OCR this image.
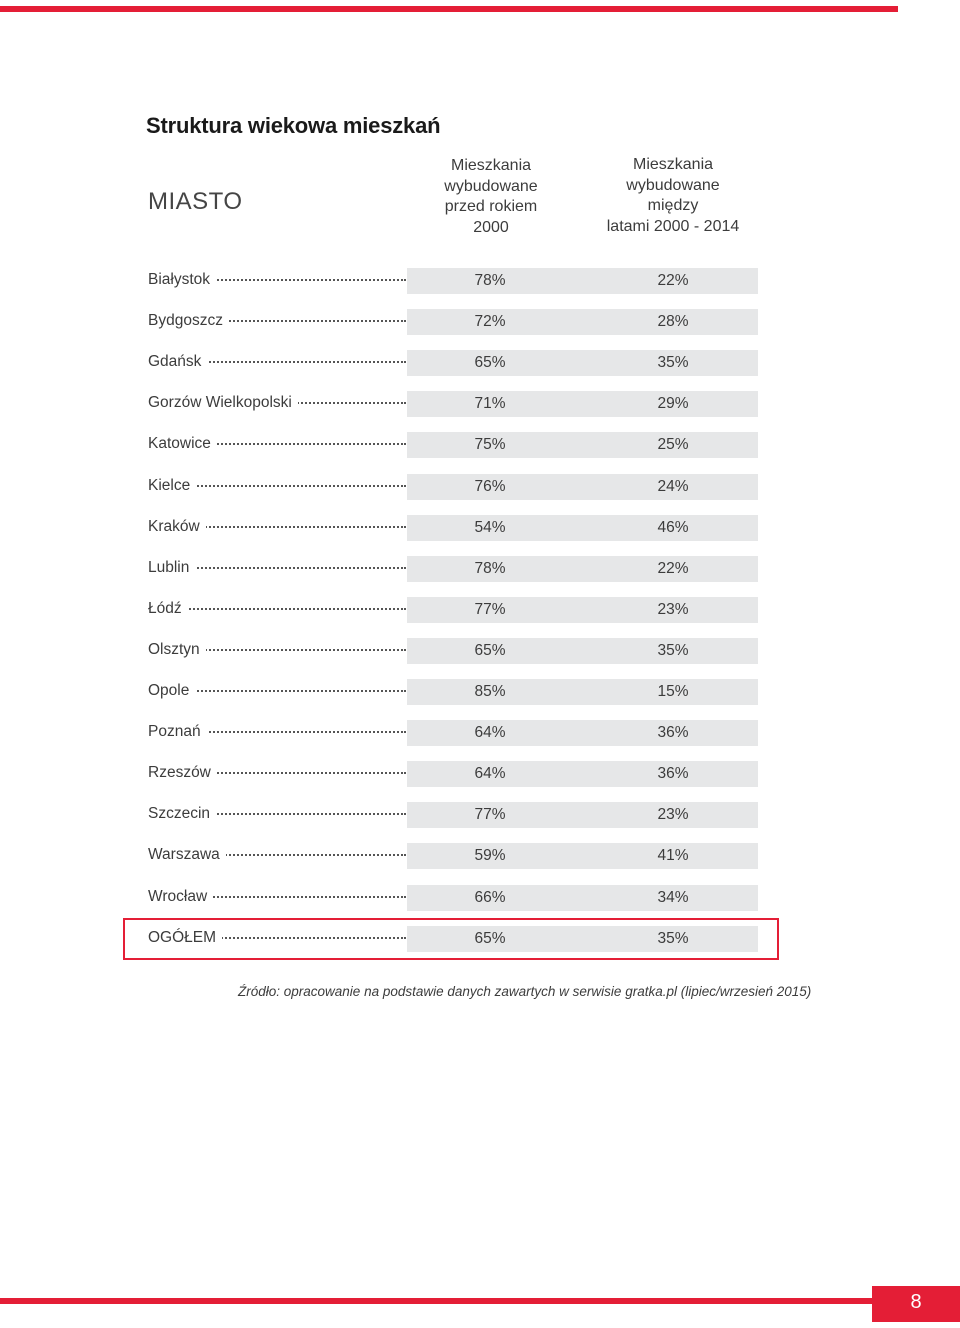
Struktura wiekowa mieszkań
MIASTO
Mieszkania
wybudowane
przed rokiem
2000
Mieszkania
wybudowane
między
latami 2000 - 2014
Białystok	78%	22%
Bydgoszcz	72%	28%
Gdańsk	65%	35%
Gorzów Wielkopolski	71%	29%
Katowice	75%	25%
Kielce	76%	24%
Kraków	54%	46%
Lublin	78%	22%
Łódź	77%	23%
Olsztyn	65%	35%
Opole	85%	15%
Poznań	64%	36%
Rzeszów	64%	36%
Szczecin	77%	23%
Warszawa	59%	41%
Wrocław	66%	34%
OGÓŁEM	65%	35%
Źródło: opracowanie na podstawie danych zawartych w serwisie gratka.pl (lipiec/wrzesień 2015)
8
